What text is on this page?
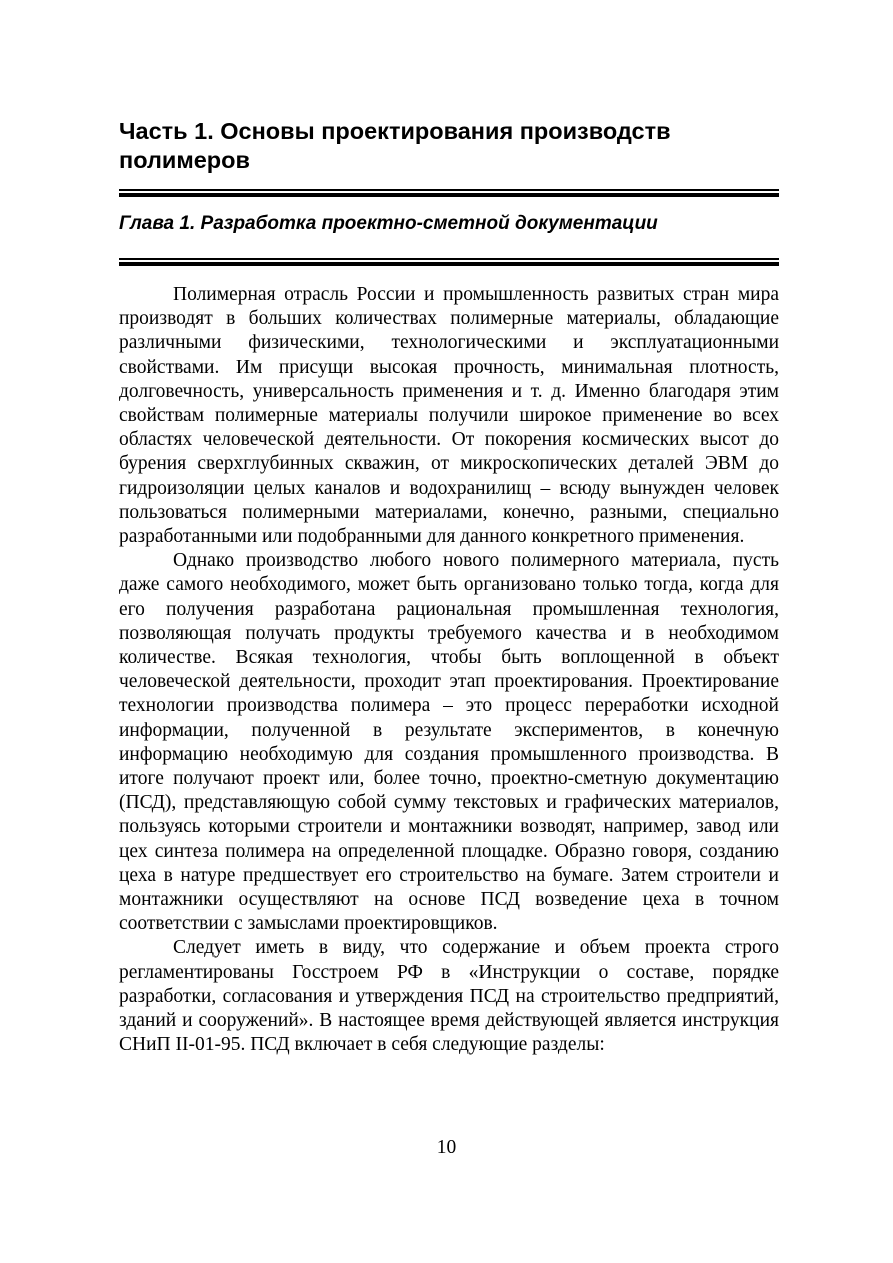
Часть 1. Основы проектирования производств полимеров
Глава 1. Разработка проектно-сметной документации

Полимерная отрасль России и промышленность развитых стран мира производят в больших количествах полимерные материалы, обладающие различными физическими, технологическими и эксплуатационными свойствами. Им присущи высокая прочность, минимальная плотность, долговечность, универсальность применения и т. д. Именно благодаря этим свойствам полимерные материалы получили широкое применение во всех областях человеческой деятельности. От покорения космических высот до бурения сверхглубинных скважин, от микроскопических деталей ЭВМ до гидроизоляции целых каналов и водохранилищ – всюду вынужден человек пользоваться полимерными материалами, конечно, разными, специально разработанными или подобранными для данного конкретного применения.

Однако производство любого нового полимерного материала, пусть даже самого необходимого, может быть организовано только тогда, когда для его получения разработана рациональная промышленная технология, позволяющая получать продукты требуемого качества и в необходимом количестве. Всякая технология, чтобы быть воплощенной в объект человеческой деятельности, проходит этап проектирования. Проектирование технологии производства полимера – это процесс переработки исходной информации, полученной в результате экспериментов, в конечную информацию необходимую для создания промышленного производства. В итоге получают проект или, более точно, проектно-сметную документацию (ПСД), представляющую собой сумму текстовых и графических материалов, пользуясь которыми строители и монтажники возводят, например, завод или цех синтеза полимера на определенной площадке. Образно говоря, созданию цеха в натуре предшествует его строительство на бумаге. Затем строители и монтажники осуществляют на основе ПСД возведение цеха в точном соответствии с замыслами проектировщиков.

Следует иметь в виду, что содержание и объем проекта строго регламентированы Госстроем РФ в «Инструкции о составе, порядке разработки, согласования и утверждения ПСД на строительство предприятий, зданий и сооружений». В настоящее время действующей является инструкция СНиП II-01-95. ПСД включает в себя следующие разделы:

10
